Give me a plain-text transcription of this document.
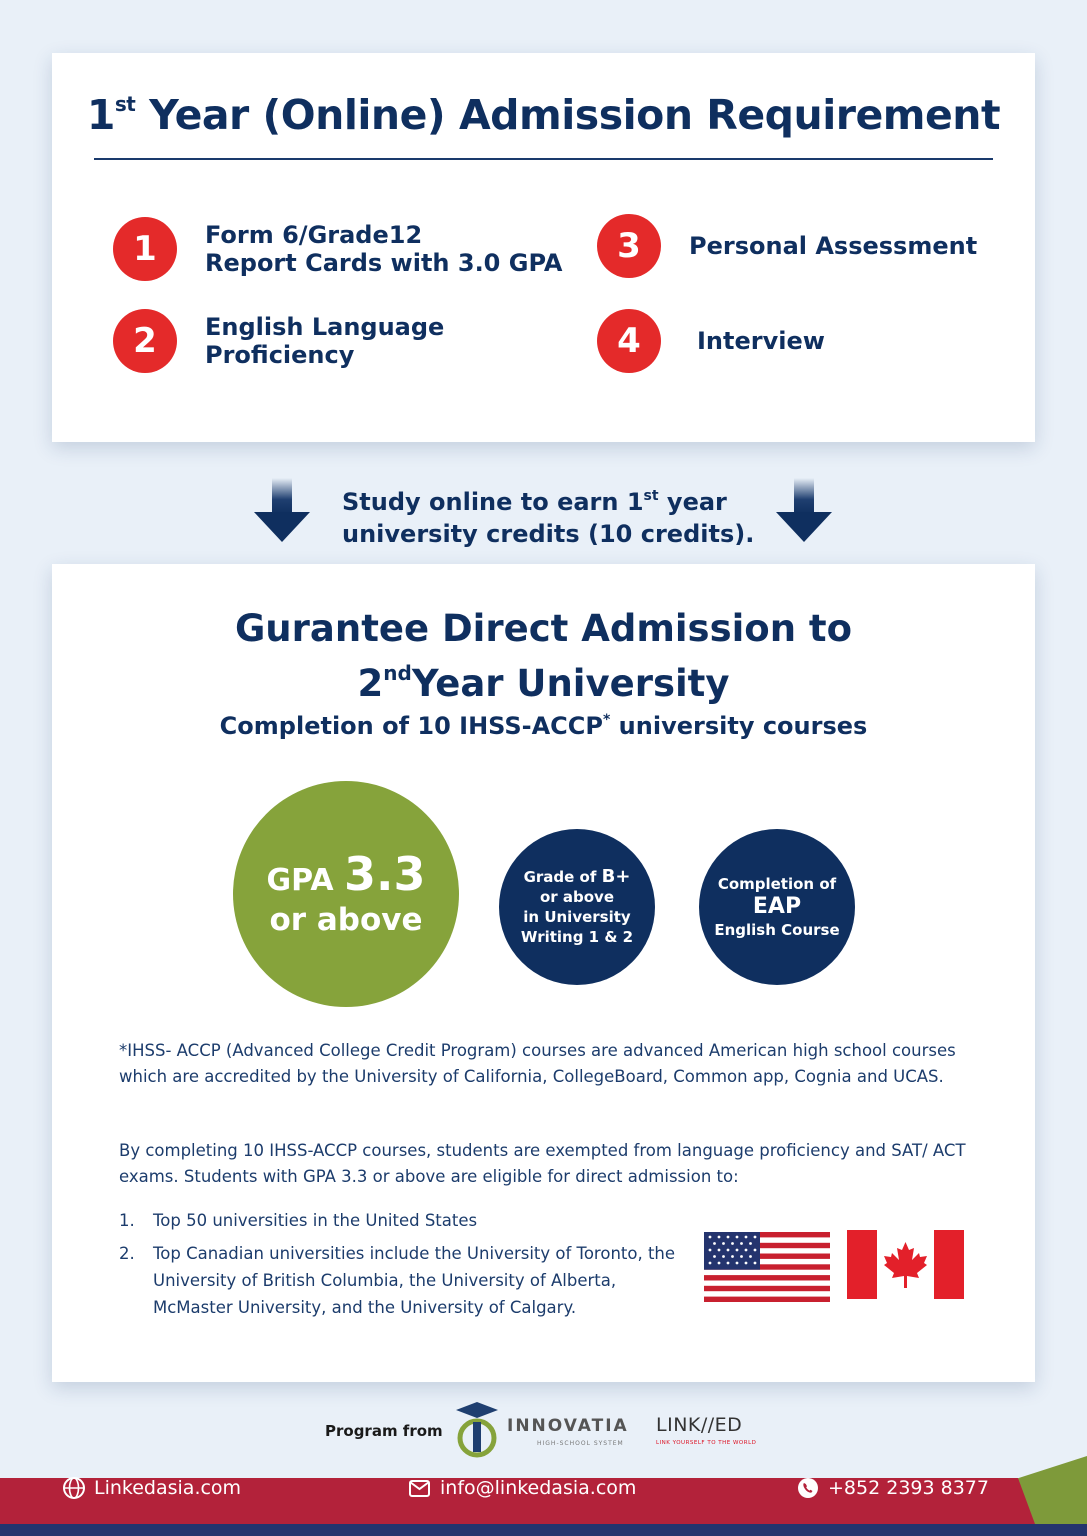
1st Year (Online) Admission Requirement
1	Form 6/Grade12
Report Cards with 3.0 GPA
2	English Language
Proficiency
3	Personal Assessment
4	Interview
Study online to earn 1st year
university credits (10 credits).
Gurantee Direct Admission to
2ndYear University
Completion of 10 IHSS-ACCP* university courses
GPA 3.3
or above
Grade of B+
or above
in University
Writing 1 & 2
Completion of
EAP
English Course
*IHSS- ACCP (Advanced College Credit Program) courses are advanced American high school courses which are accredited by the University of California, CollegeBoard, Common app, Cognia and UCAS.
By completing 10 IHSS-ACCP courses, students are exempted from language proficiency and SAT/ ACT exams. Students with GPA 3.3 or above are eligible for direct admission to:
1.	Top 50 universities in the United States
2.	Top Canadian universities include the University of Toronto, the University of British Columbia, the University of Alberta, McMaster University, and the University of Calgary.
Program from	INNOVATIA
HIGH-SCHOOL SYSTEM
LINK//ED
LINK YOURSELF TO THE WORLD
Linkedasia.com	info@linkedasia.com	+852 2393 8377
